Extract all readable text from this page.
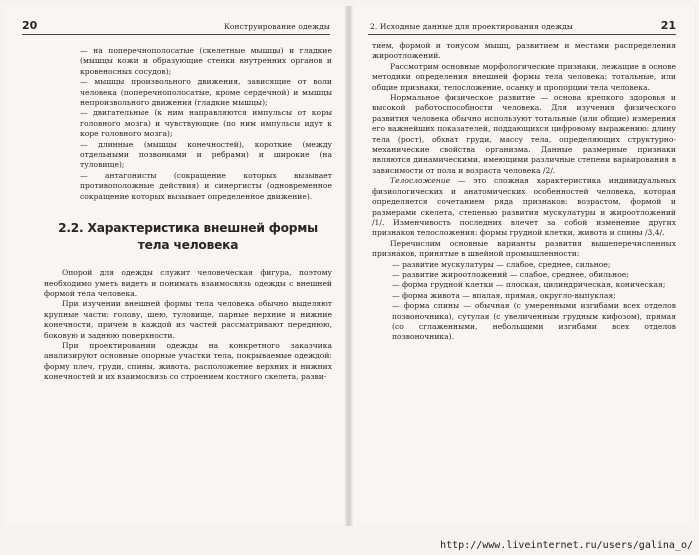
20	Конструирование одежды
— на поперечнополосатые (скелетные мышцы) и гладкие (мышцы кожи и образующие стенки внутренних органов и кровеносных сосудов);
— мышцы произвольного движения, зависящие от воли человека (поперечнополосатые, кроме сердечной) и мышцы непроизвольного движения (гладкие мышцы);
— двигательные (к ним направляются импульсы от коры головного мозга) и чувствующие (по ним импульсы идут к коре головного мозга);
— длинные (мышцы конечностей), короткие (между отдельными позвонками и ребрами) и широкие (на туловище);
— антагонисты (сокращение которых вызывает противоположные действия) и синергисты (одновременное сокращение которых вызывает определенное движение).
2.2. Характеристика внешней формы тела человека

Опорой для одежды служит человеческая фигура, поэтому необходимо уметь видеть и понимать взаимосвязь одежды с внешней формой тела человека.

При изучении внешней формы тела человека обычно выделяют крупные части: голову, шею, туловище, парные верхние и нижние конечности, причем в каждой из частей рассматривают переднюю, боковую и заднюю поверхности.

При проектировании одежды на конкретного заказчика анализируют основные опорные участки тела, покрываемые одеждой: форму плеч, груди, спины, живота, расположение верхних и нижних конечностей и их взаимосвязь со строением костного скелета, разви-

2. Исходные данные для проектирования одежды	21

тием, формой и тонусом мышц, развитием и местами распределения жироотложений.

Рассмотрим основные морфологические признаки, лежащие в основе методики определения внешней формы тела человека: тотальные, или общие признаки, телосложение, осанку и пропорции тела человека.

Нормальное физическое развитие — основа крепкого здоровья и высокой работоспособности человека. Для изучения физического развития человека обычно используют тотальные (или общие) измерения его важнейших показателей, поддающихся цифровому выражению: длину тела (рост), обхват груди, массу тела, определяющих структурно-механические свойства организма. Данные размерные признаки являются динамическими, имеющими различные степени варьирования в зависимости от пола и возраста человека /2/.

Телосложение — это сложная характеристика индивидуальных физиологических и анатомических особенностей человека, которая определяется сочетанием ряда признаков: возрастом, формой и размерами скелета, степенью развития мускулатуры и жироотложений /1/. Изменчивость последних влечет за собой изменение других признаков телосложения: формы грудной клетки, живота и спины /3,4/.

Перечислим основные варианты развития вышеперечисленных признаков, принятые в швейной промышленности:

— развитие мускулатуры — слабое, среднее, сильное;
— развитие жироотложений — слабое, среднее, обильное;
— форма грудной клетки — плоская, цилиндрическая, коническая;
— форма живота — впалая, прямая, округло-выпуклая;
— форма спины — обычная (с умеренными изгибами всех отделов позвоночника), сутулая (с увеличенным грудным кифозом), прямая (со сглаженными, небольшими изгибами всех отделов позвоночника).
http://www.liveinternet.ru/users/galina_o/
